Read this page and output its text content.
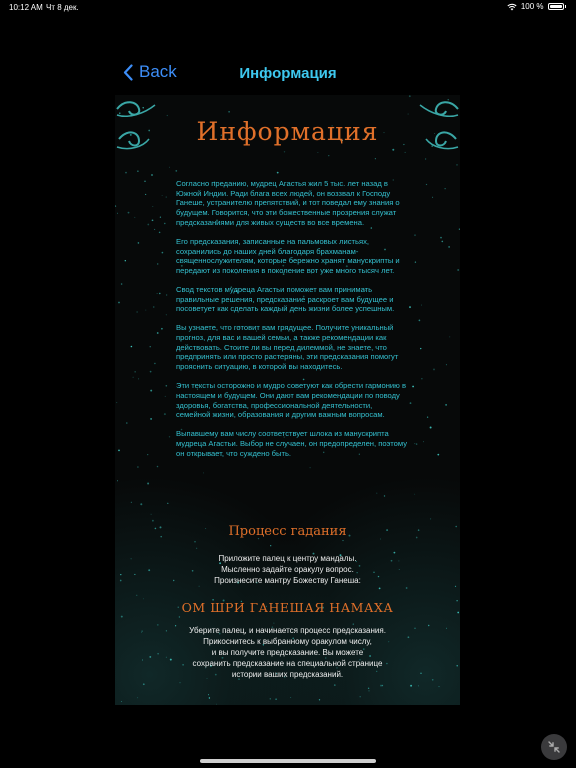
10:12 AM Чт 8 дек.	100 %
Back	Информация
Информация

Согласно преданию, мудрец Агастья жил 5 тыс. лет назад в Южной Индии. Ради блага всех людей, он воззвал к Господу Ганеше, устранителю препятствий, и тот поведал ему знания о будущем. Говорится, что эти божественные прозрения служат предсказаниями для живых существ во все времена.

Его предсказания, записанные на пальмовых листьях, сохранились до наших дней благодаря брахманам-священнослужителям, которые бережно хранят манускрипты и передают из поколения в поколение вот уже много тысяч лет.

Свод текстов мудреца Агастьи поможет вам принимать правильные решения, предсказание раскроет вам будущее и посоветует как сделать каждый день жизни более успешным.

Вы узнаете, что готовит вам грядущее. Получите уникальный прогноз, для вас и вашей семьи, а также рекомендации как действовать. Стоите ли вы перед дилеммой, не знаете, что предпринять или просто растеряны, эти предсказания помогут прояснить ситуацию, в которой вы находитесь.

Эти тексты осторожно и мудро советуют как обрести гармонию в настоящем и будущем. Они дают вам рекомендации по поводу здоровья, богатства, профессиональной деятельности, семейной жизни, образования и другим важным вопросам.

Выпавшему вам числу соответствует шлока из манускрипта мудреца Агастьи. Выбор не случаен, он предопределен, поэтому он открывает, что суждено быть.

Процесс гадания
Приложите палец к центру мандалы.
Мысленно задайте оракулу вопрос.
Произнесите мантру Божеству Ганеша:
ОМ ШРИ ГАНЕШАЯ НАМАХА
Уберите палец, и начинается процесс предсказания.
Прикоснитесь к выбранному оракулом числу,
и вы получите предсказание. Вы можете
сохранить предсказание на специальной странице
истории ваших предсказаний.
